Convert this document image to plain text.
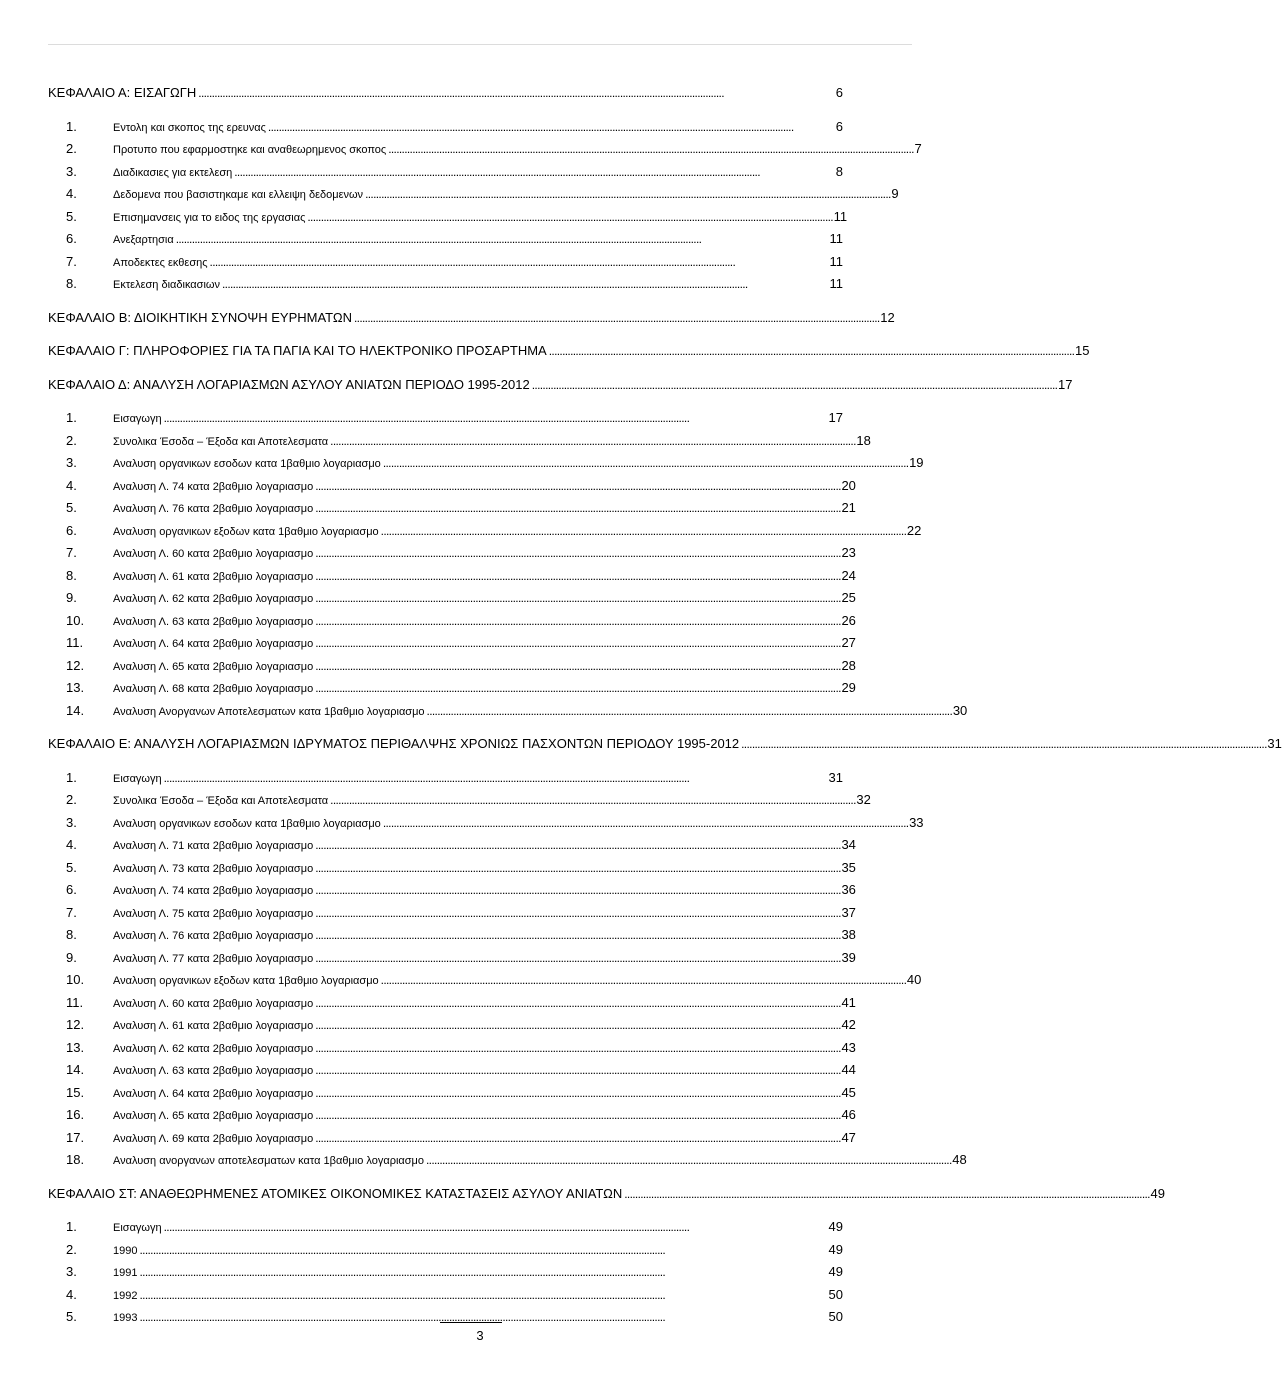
ΚΕΦΑΛΑΙΟ Α: ΕΙΣΑΓΩΓΗ . . .	6
1.	Εντολη και σκοπος της ερευνας . . .	6
2.	Προτυπο που εφαρμοστηκε και αναθεωρημενος σκοπος . . .	7
3.	Διαδικασιες για εκτελεση . . .	8
4.	Δεδομενα που βασιστηκαμε και ελλειψη δεδομενων . . .	9
5.	Επισημανσεις για το ειδος της εργασιας . . .	11
6.	Ανεξαρτησια . . .	11
7.	Αποδεκτες εκθεσης . . .	11
8.	Εκτελεση διαδικασιων . . .	11
ΚΕΦΑΛΑΙΟ Β: ΔΙΟΙΚΗΤΙΚΗ ΣΥΝΟΨΗ ΕΥΡΗΜΑΤΩΝ . . .	12
ΚΕΦΑΛΑΙΟ Γ: ΠΛΗΡΟΦΟΡΙΕΣ ΓΙΑ ΤΑ ΠΑΓΙΑ ΚΑΙ ΤΟ ΗΛΕΚΤΡΟΝΙΚΟ ΠΡΟΣΑΡΤΗΜΑ . . .	15
ΚΕΦΑΛΑΙΟ Δ: ΑΝΑΛΥΣΗ ΛΟΓΑΡΙΑΣΜΩΝ ΑΣΥΛΟΥ ΑΝΙΑΤΩΝ ΠΕΡΙΟΔΟ 1995-2012 . . .	17
1.	Εισαγωγη . . .	17
2.	Συνολικα Έσοδα – Έξοδα και Αποτελεσματα . . .	18
3.	Αναλυση οργανικων εσοδων κατα 1βαθμιο λογαριασμο . . .	19
4.	Αναλυση Λ. 74 κατα 2βαθμιο λογαριασμο . . .	20
5.	Αναλυση Λ. 76 κατα 2βαθμιο λογαριασμο . . .	21
6.	Αναλυση οργανικων εξοδων κατα 1βαθμιο λογαριασμο . . .	22
7.	Αναλυση Λ. 60 κατα 2βαθμιο λογαριασμο . . .	23
8.	Αναλυση Λ. 61 κατα 2βαθμιο λογαριασμο . . .	24
9.	Αναλυση Λ. 62 κατα 2βαθμιο λογαριασμο . . .	25
10.	Αναλυση Λ. 63 κατα 2βαθμιο λογαριασμο . . .	26
11.	Αναλυση Λ. 64 κατα 2βαθμιο λογαριασμο . . .	27
12.	Αναλυση Λ. 65 κατα 2βαθμιο λογαριασμο . . .	28
13.	Αναλυση Λ. 68 κατα 2βαθμιο λογαριασμο . . .	29
14.	Αναλυση Ανοργανων Αποτελεσματων κατα 1βαθμιο λογαριασμο . . .	30
ΚΕΦΑΛΑΙΟ Ε: ΑΝΑΛΥΣΗ ΛΟΓΑΡΙΑΣΜΩΝ ΙΔΡΥΜΑΤΟΣ ΠΕΡΙΘΑΛΨΗΣ ΧΡΟΝΙΩΣ ΠΑΣΧΟΝΤΩΝ ΠΕΡΙΟΔΟΥ 1995-2012 . . .	31
1.	Εισαγωγη . . .	31
2.	Συνολικα Έσοδα – Έξοδα και Αποτελεσματα . . .	32
3.	Αναλυση οργανικων εσοδων κατα 1βαθμιο λογαριασμο . . .	33
4.	Αναλυση Λ. 71 κατα 2βαθμιο λογαριασμο . . .	34
5.	Αναλυση Λ. 73 κατα 2βαθμιο λογαριασμο . . .	35
6.	Αναλυση Λ. 74 κατα 2βαθμιο λογαριασμο . . .	36
7.	Αναλυση Λ. 75 κατα 2βαθμιο λογαριασμο . . .	37
8.	Αναλυση Λ. 76 κατα 2βαθμιο λογαριασμο . . .	38
9.	Αναλυση Λ. 77 κατα 2βαθμιο λογαριασμο . . .	39
10.	Αναλυση οργανικων εξοδων κατα 1βαθμιο λογαριασμο . . .	40
11.	Αναλυση Λ. 60 κατα 2βαθμιο λογαριασμο . . .	41
12.	Αναλυση Λ. 61 κατα 2βαθμιο λογαριασμο . . .	42
13.	Αναλυση Λ. 62 κατα 2βαθμιο λογαριασμο . . .	43
14.	Αναλυση Λ. 63 κατα 2βαθμιο λογαριασμο . . .	44
15.	Αναλυση Λ. 64 κατα 2βαθμιο λογαριασμο . . .	45
16.	Αναλυση Λ. 65 κατα 2βαθμιο λογαριασμο . . .	46
17.	Αναλυση Λ. 69 κατα 2βαθμιο λογαριασμο . . .	47
18.	Αναλυση ανοργανων αποτελεσματων κατα 1βαθμιο λογαριασμο . . .	48
ΚΕΦΑΛΑΙΟ ΣΤ: ΑΝΑΘΕΩΡΗΜΕΝΕΣ ΑΤΟΜΙΚΕΣ ΟΙΚΟΝΟΜΙΚΕΣ ΚΑΤΑΣΤΑΣΕΙΣ ΑΣΥΛΟΥ ΑΝΙΑΤΩΝ . . .	49
1.	Εισαγωγη . . .	49
2.	1990 . . .	49
3.	1991 . . .	49
4.	1992 . . .	50
5.	1993 . . .	50
3
